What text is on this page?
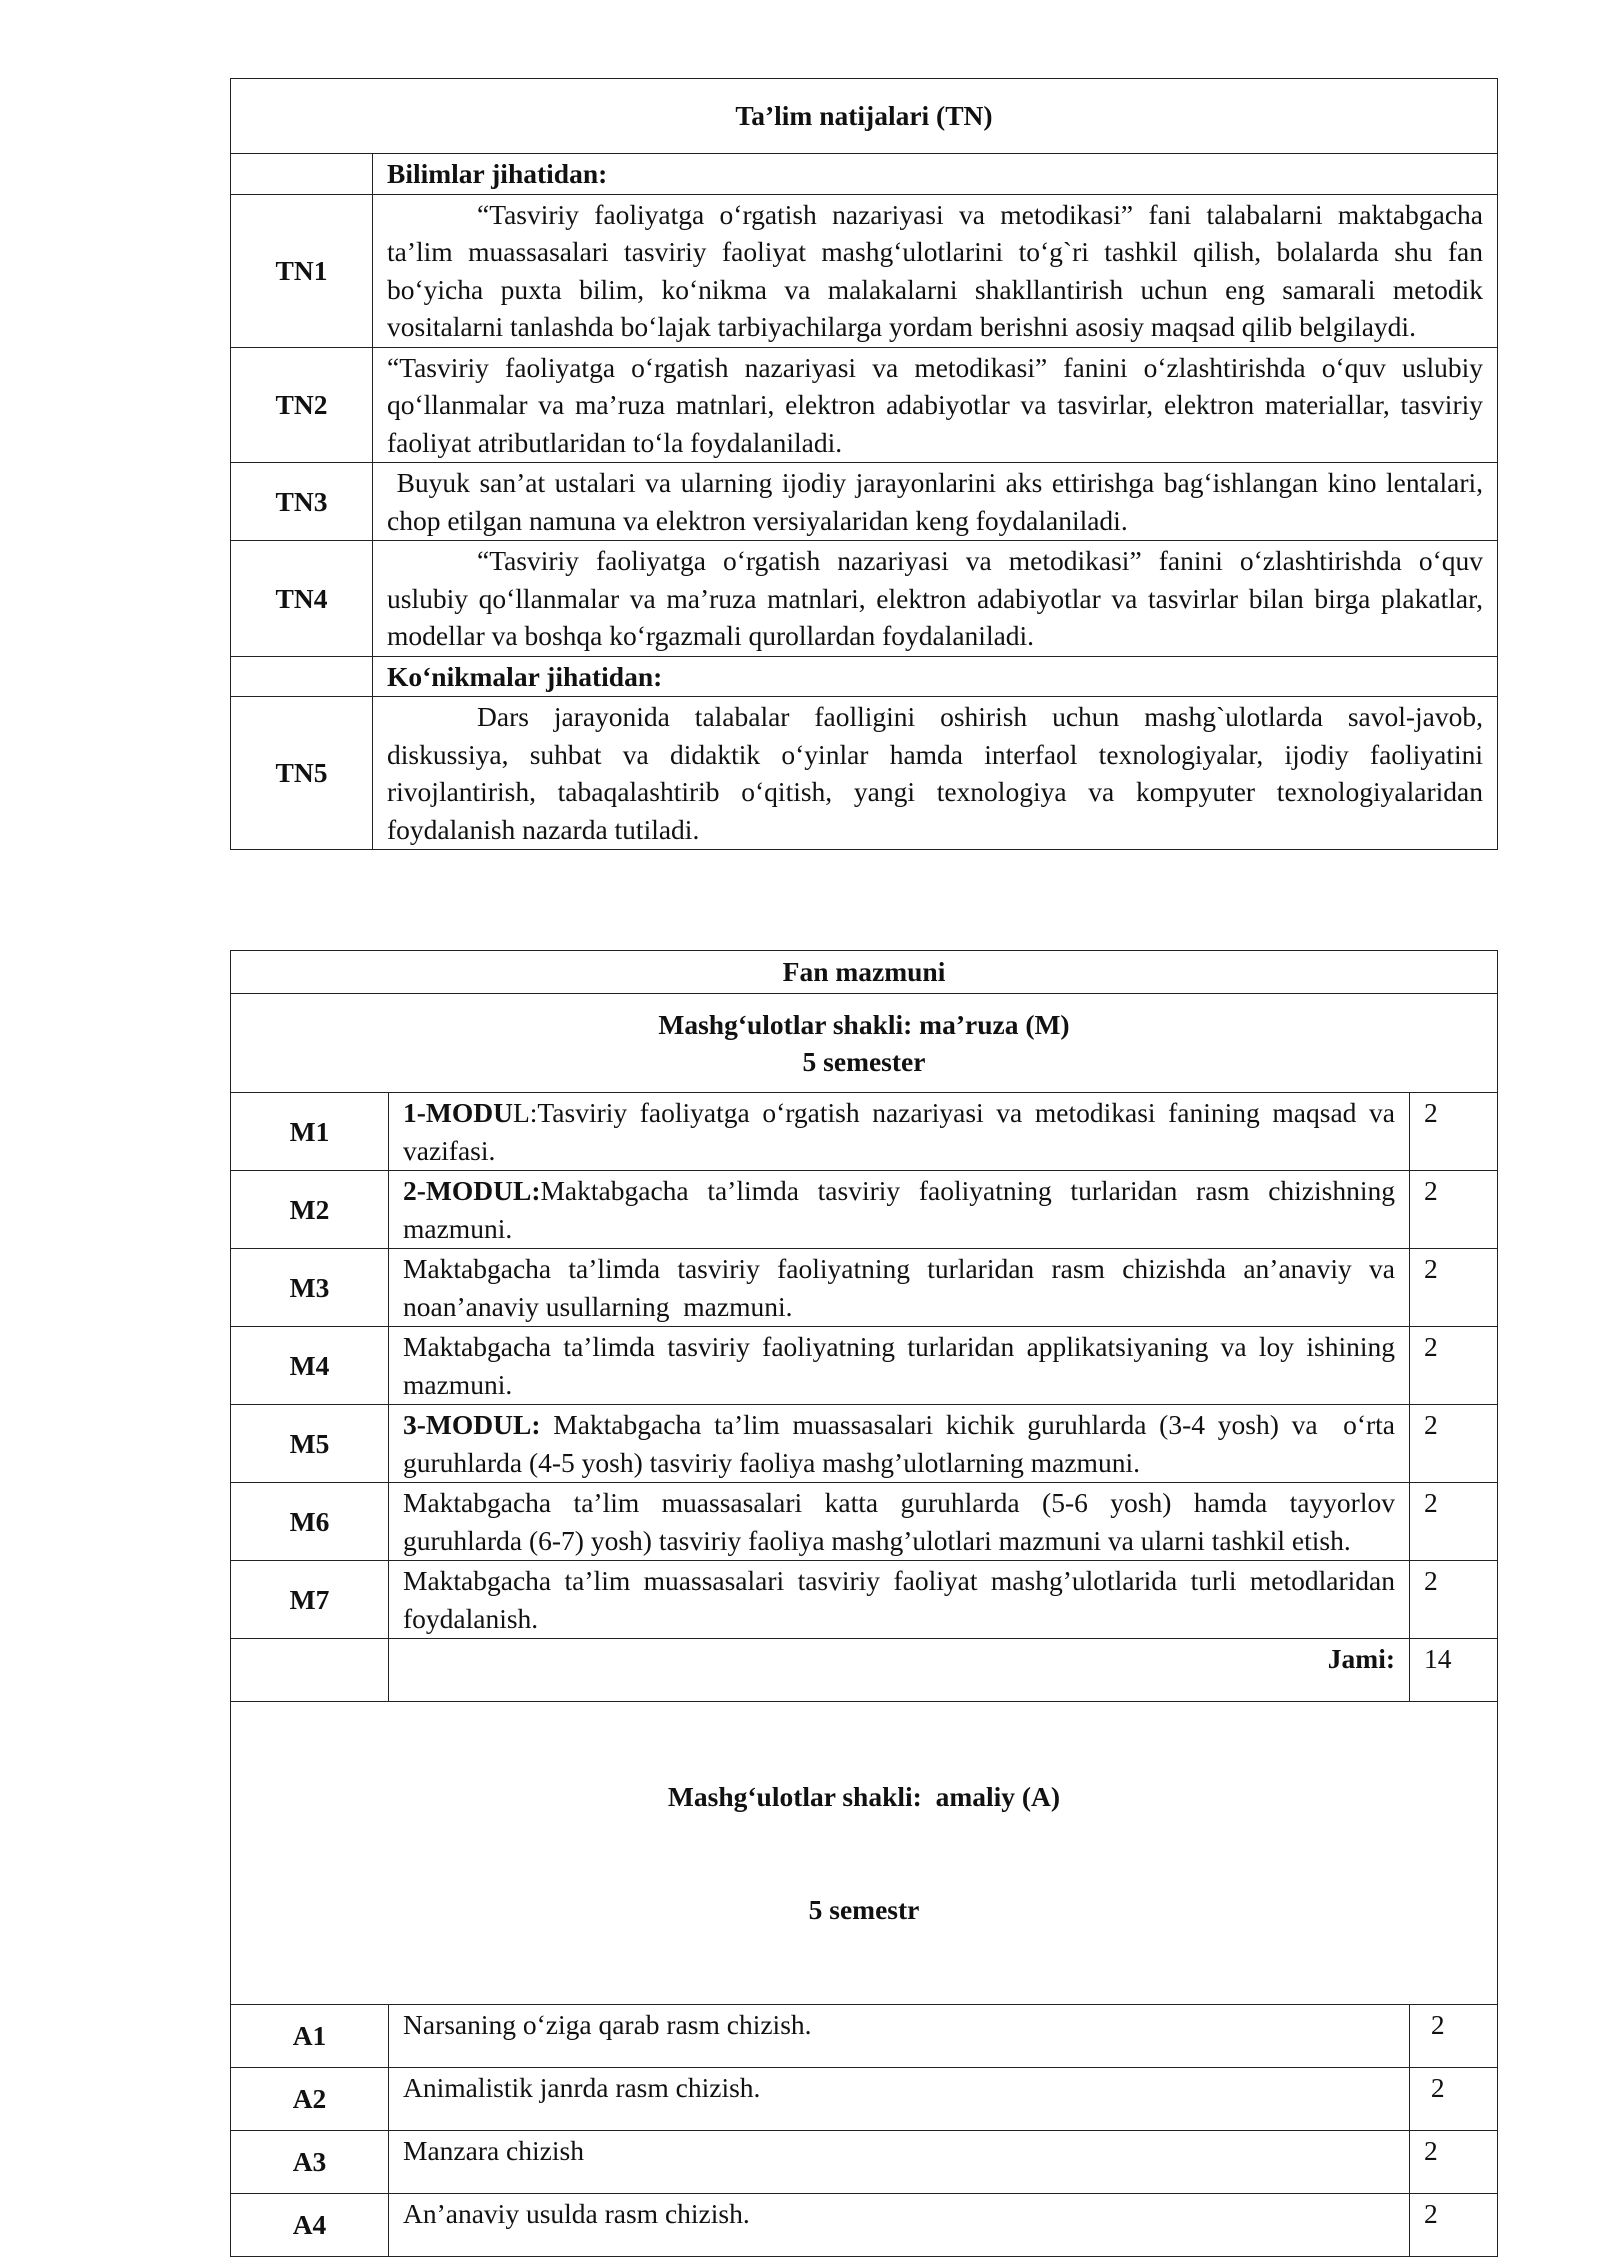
Ta’lim natijalari (TN)	
	Bilimlar jihatidan:
TN1	“Tasviriy faoliyatga o‘rgatish nazariyasi va metodikasi” fani talabalarni maktabgacha ta’lim muassasalari tasviriy faoliyat mashg‘ulotlarini to‘g`ri tashkil qilish, bolalarda shu fan bo‘yicha puxta bilim, ko‘nikma va malakalarni shakllantirish uchun eng samarali metodik vositalarni tanlashda bo‘lajak tarbiyachilarga yordam berishni asosiy maqsad qilib belgilaydi.
TN2	“Tasviriy faoliyatga o‘rgatish nazariyasi va metodikasi” fanini o‘zlashtirishda o‘quv uslubiy qo‘llanmalar va ma’ruza matnlari, elektron adabiyotlar va tasvirlar, elektron materiallar, tasviriy faoliyat atributlaridan to‘la foydalaniladi.
TN3	Buyuk san’at ustalari va ularning ijodiy jarayonlarini aks ettirishga bag‘ishlangan kino lentalari, chop etilgan namuna va elektron versiyalaridan keng foydalaniladi.
TN4	“Tasviriy faoliyatga o‘rgatish nazariyasi va metodikasi” fanini o‘zlashtirishda o‘quv uslubiy qo‘llanmalar va ma’ruza matnlari, elektron adabiyotlar va tasvirlar bilan birga plakatlar, modellar va boshqa ko‘rgazmali qurollardan foydalaniladi.
	Ko‘nikmalar jihatidan:
TN5	Dars jarayonida talabalar faolligini oshirish uchun mashg`ulotlarda savol-javob, diskussiya, suhbat va didaktik o‘yinlar hamda interfaol texnologiyalar, ijodiy faoliyatini rivojlantirish, tabaqalashtirib o‘qitish, yangi texnologiya va kompyuter texnologiyalaridan foydalanish nazarda tutiladi.
Fan mazmuni		

Mashg‘ulotlar shakli: ma’ruza (M)
5 semester		

M1	1-MODUL:Tasviriy faoliyatga o‘rgatish nazariyasi va metodikasi fanining maqsad va vazifasi.	2
M2	2-MODUL:Maktabgacha ta’limda tasviriy faoliyatning turlaridan rasm chizishning mazmuni.	2
M3	Maktabgacha ta’limda tasviriy faoliyatning turlaridan rasm chizishda an’anaviy va noan’anaviy usullarning  mazmuni.	2
M4	Maktabgacha ta’limda tasviriy faoliyatning turlaridan applikatsiyaning va loy ishining mazmuni.	2
M5	3-MODUL: Maktabgacha ta’lim muassasalari kichik guruhlarda (3-4 yosh) va  o‘rta  guruhlarda (4-5 yosh) tasviriy faoliya mashg’ulotlarning mazmuni.	2
M6	Maktabgacha ta’lim muassasalari katta guruhlarda (5-6 yosh) hamda tayyorlov guruhlarda (6-7) yosh) tasviriy faoliya mashg’ulotlari mazmuni va ularni tashkil etish.	2
M7	Maktabgacha ta’lim muassasalari tasviriy faoliyat mashg’ulotlarida turli metodlaridan foydalanish.	2
	Jami:	14

Mashg‘ulotlar shakli:  amaliy (A)

5 semestr		

A1	Narsaning o‘ziga qarab rasm chizish.	2
A2	Animalistik janrda rasm chizish.	2
A3	Manzara chizish	2
A4	An’anaviy usulda rasm chizish.	2
